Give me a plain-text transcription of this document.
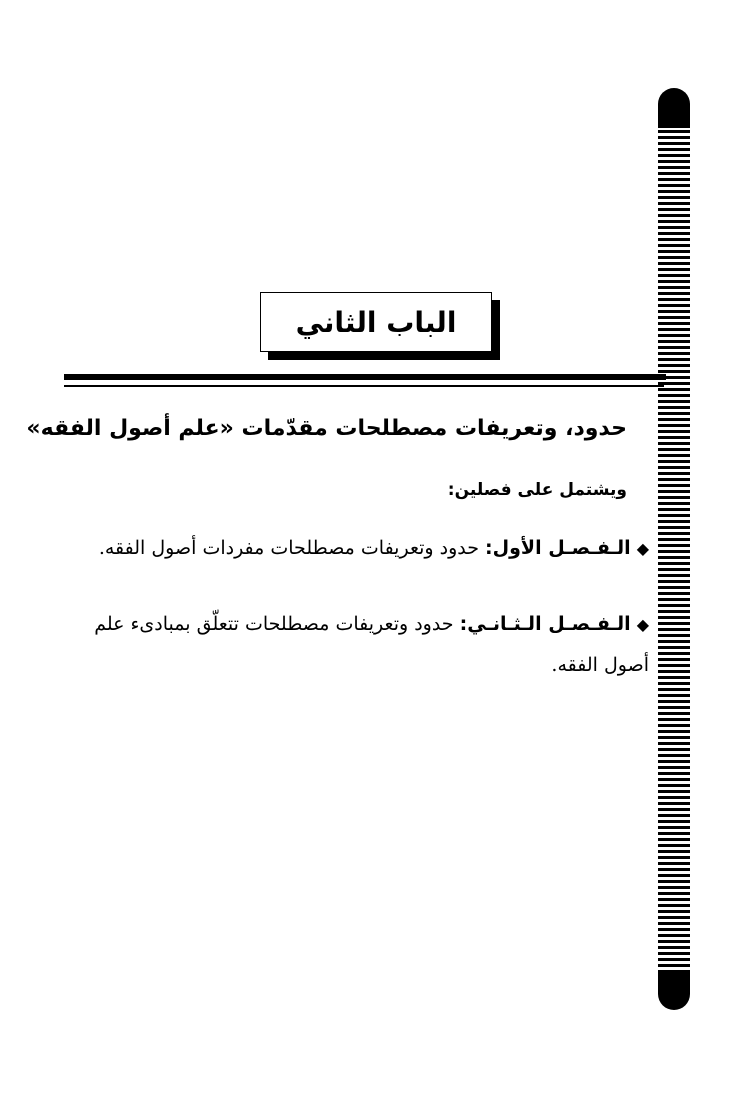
الباب الثاني
حدود، وتعريفات مصطلحات مقدّمات «علم أصول الفقه»
ويشتمل على فصلين:
◆الـفـصـل الأول: حدود وتعريفات مصطلحات مفردات أصول الفقه.
◆الـفـصـل الـثـانـي: حدود وتعريفات مصطلحات تتعلّق بمبادىء علم أصول الفقه.
